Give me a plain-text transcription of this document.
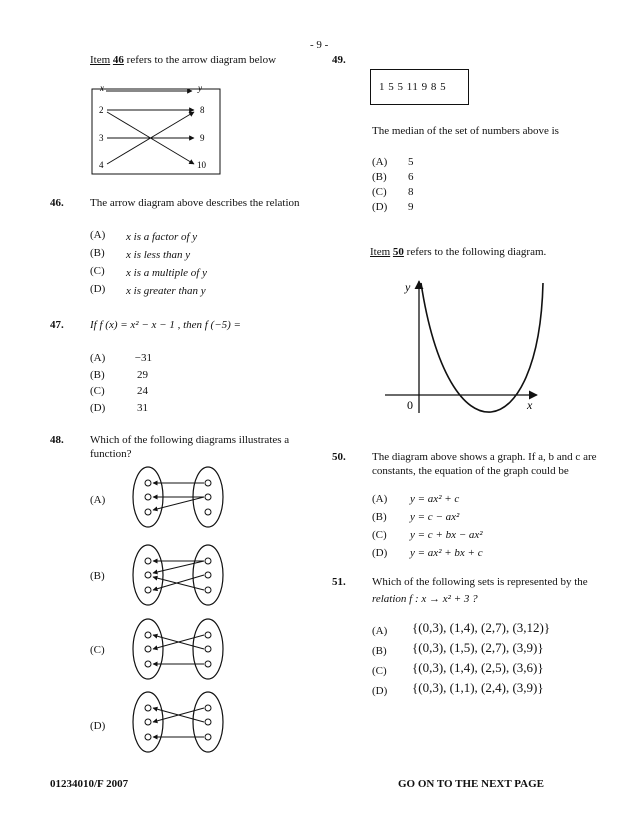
- 9 -
Item 46 refers to the arrow diagram below
x	y
2
3
4
8
9
10
46. The arrow diagram above describes the relation
(A) x is a factor of y
(B) x is less than y
(C) x is a multiple of y
(D) x is greater than y
47. If f (x) = x² − x − 1 , then f (−5) =
(A)	−31
(B)	29
(C)	24
(D)	31
48. Which of the following diagrams illustrates a function?
(A)
(B)
(C)
(D)
49.
1 5 5 11 9 8 5
The median of the set of numbers above is
(A) 5
(B) 6
(C) 8
(D) 9
Item 50 refers to the following diagram.
y
x
0
50. The diagram above shows a graph. If a, b and c are constants, the equation of the graph could be
(A) y = ax² + c
(B) y = c − ax²
(C) y = c + bx − ax²
(D) y = ax² + bx + c
51. Which of the following sets is represented by the
relation f : x → x² + 3 ?
(A) {(0,3), (1,4), (2,7), (3,12)}
(B) {(0,3), (1,5), (2,7), (3,9)}
(C) {(0,3), (1,4), (2,5), (3,6)}
(D) {(0,3), (1,1), (2,4), (3,9)}
01234010/F 2007	GO ON TO THE NEXT PAGE
